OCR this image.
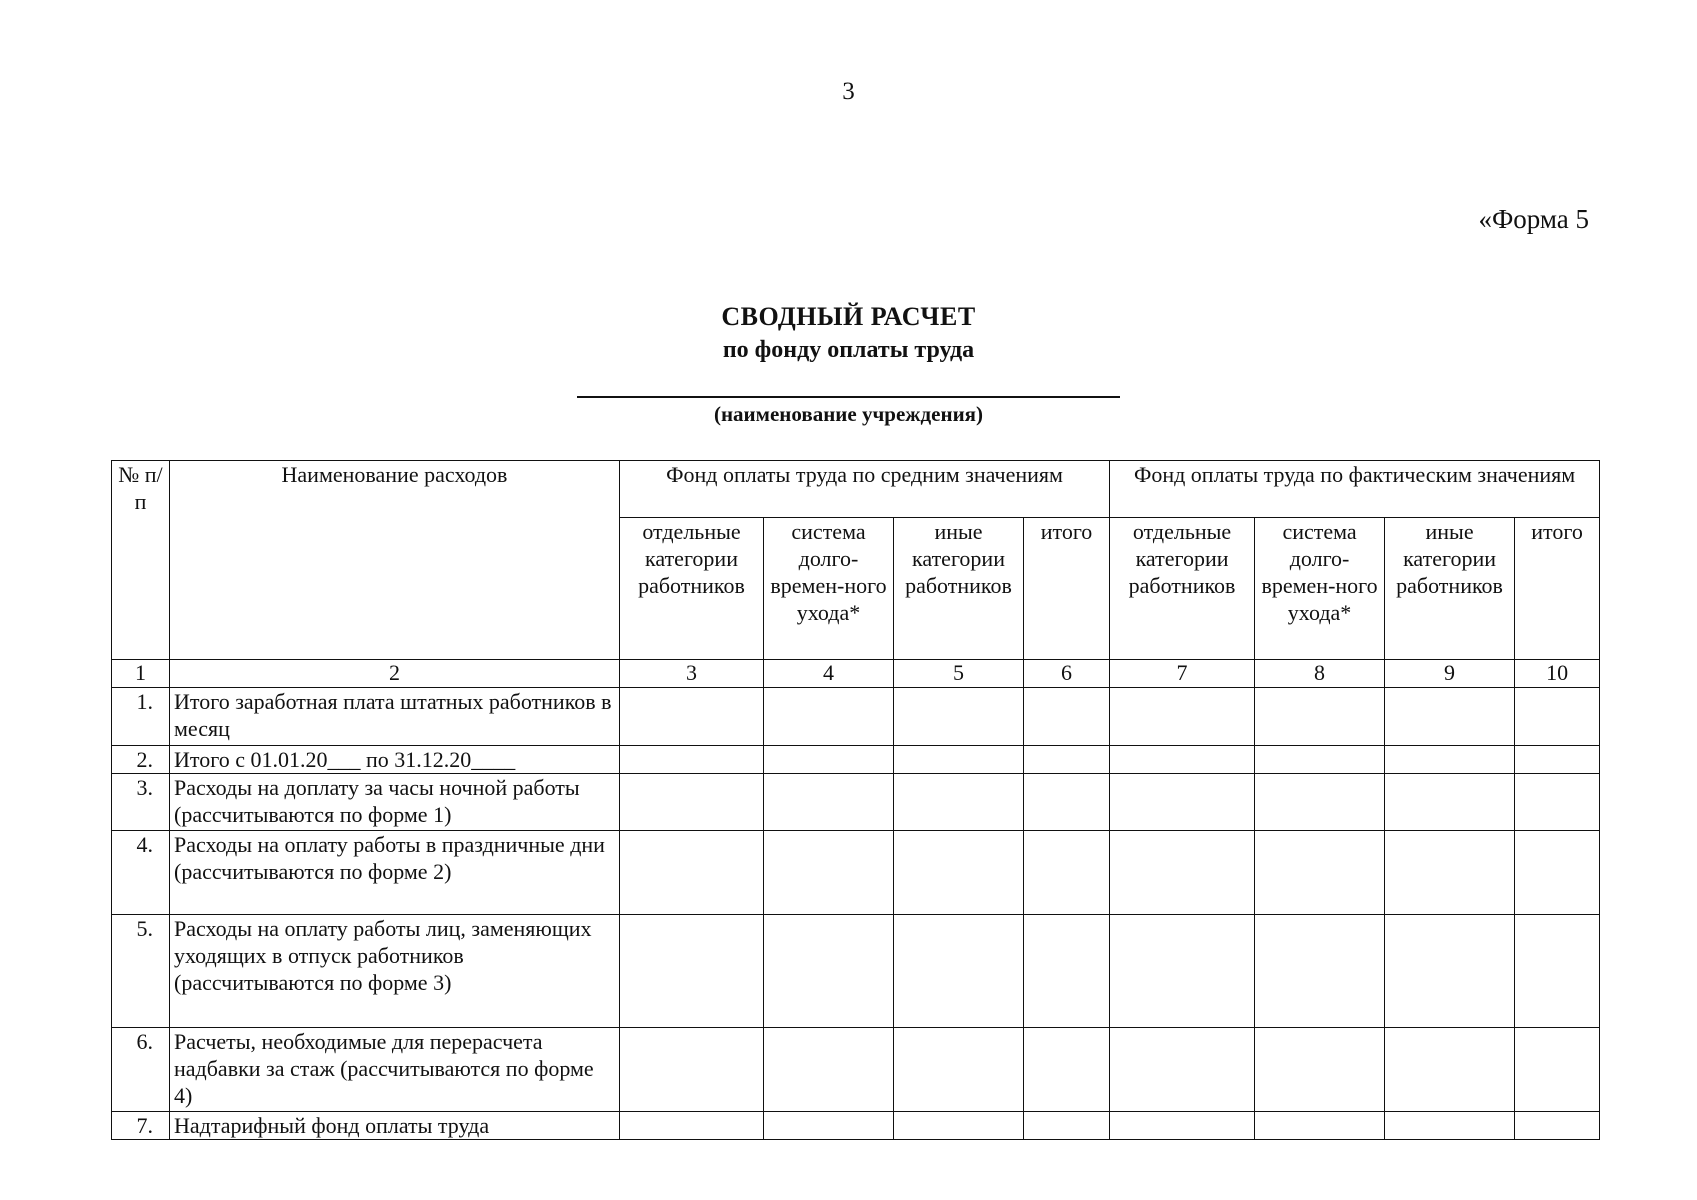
3
«Форма 5
СВОДНЫЙ РАСЧЕТ
по фонду оплаты труда
(наименование учреждения)
№ п/п	Наименование расходов	Фонд оплаты труда по средним значениям				Фонд оплаты труда по фактическим значениям			
		отдельные категории работников	система долго-времен-ного ухода*	иные категории работников	итого	отдельные категории работников	система долго-времен-ного ухода*	иные категории работников	итого
1	2	3	4	5	6	7	8	9	10
1.	Итого заработная плата штатных работников в месяц								
2.	Итого с 01.01.20___ по 31.12.20____								
3.	Расходы на доплату за часы ночной работы (рассчитываются по форме 1)								
4.	Расходы на оплату работы в праздничные дни (рассчитываются по форме 2)								
5.	Расходы на оплату работы лиц, заменяющих уходящих в отпуск работников (рассчитываются по форме 3)								
6.	Расчеты, необходимые для перерасчета надбавки за стаж (рассчитываются по форме 4)								
7.	Надтарифный фонд оплаты труда								
